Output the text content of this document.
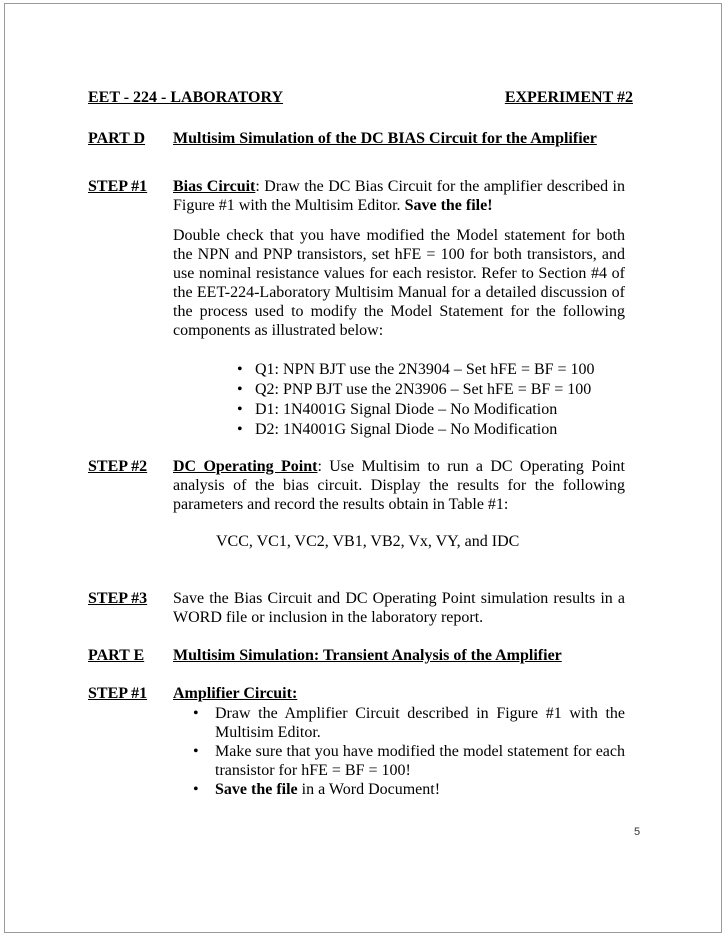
EET - 224 - LABORATORY	EXPERIMENT #2
PART D Multisim Simulation of the DC BIAS Circuit for the Amplifier
STEP #1 Bias Circuit: Draw the DC Bias Circuit for the amplifier described in Figure #1 with the Multisim Editor. Save the file!
Double check that you have modified the Model statement for both the NPN and PNP transistors, set hFE = 100 for both transistors, and use nominal resistance values for each resistor. Refer to Section #4 of the EET-224-Laboratory Multisim Manual for a detailed discussion of the process used to modify the Model Statement for the following components as illustrated below:
• Q1: NPN BJT use the 2N3904 – Set hFE = BF = 100
• Q2: PNP BJT use the 2N3906 – Set hFE = BF = 100
• D1: 1N4001G Signal Diode – No Modification
• D2: 1N4001G Signal Diode – No Modification
STEP #2 DC Operating Point: Use Multisim to run a DC Operating Point analysis of the bias circuit. Display the results for the following parameters and record the results obtain in Table #1:
VCC, VC1, VC2, VB1, VB2, Vx, VY, and IDC
STEP #3 Save the Bias Circuit and DC Operating Point simulation results in a WORD file or inclusion in the laboratory report.
PART E Multisim Simulation: Transient Analysis of the Amplifier
STEP #1 Amplifier Circuit:
• Draw the Amplifier Circuit described in Figure #1 with the Multisim Editor.
• Make sure that you have modified the model statement for each transistor for hFE = BF = 100!
• Save the file in a Word Document!
5
